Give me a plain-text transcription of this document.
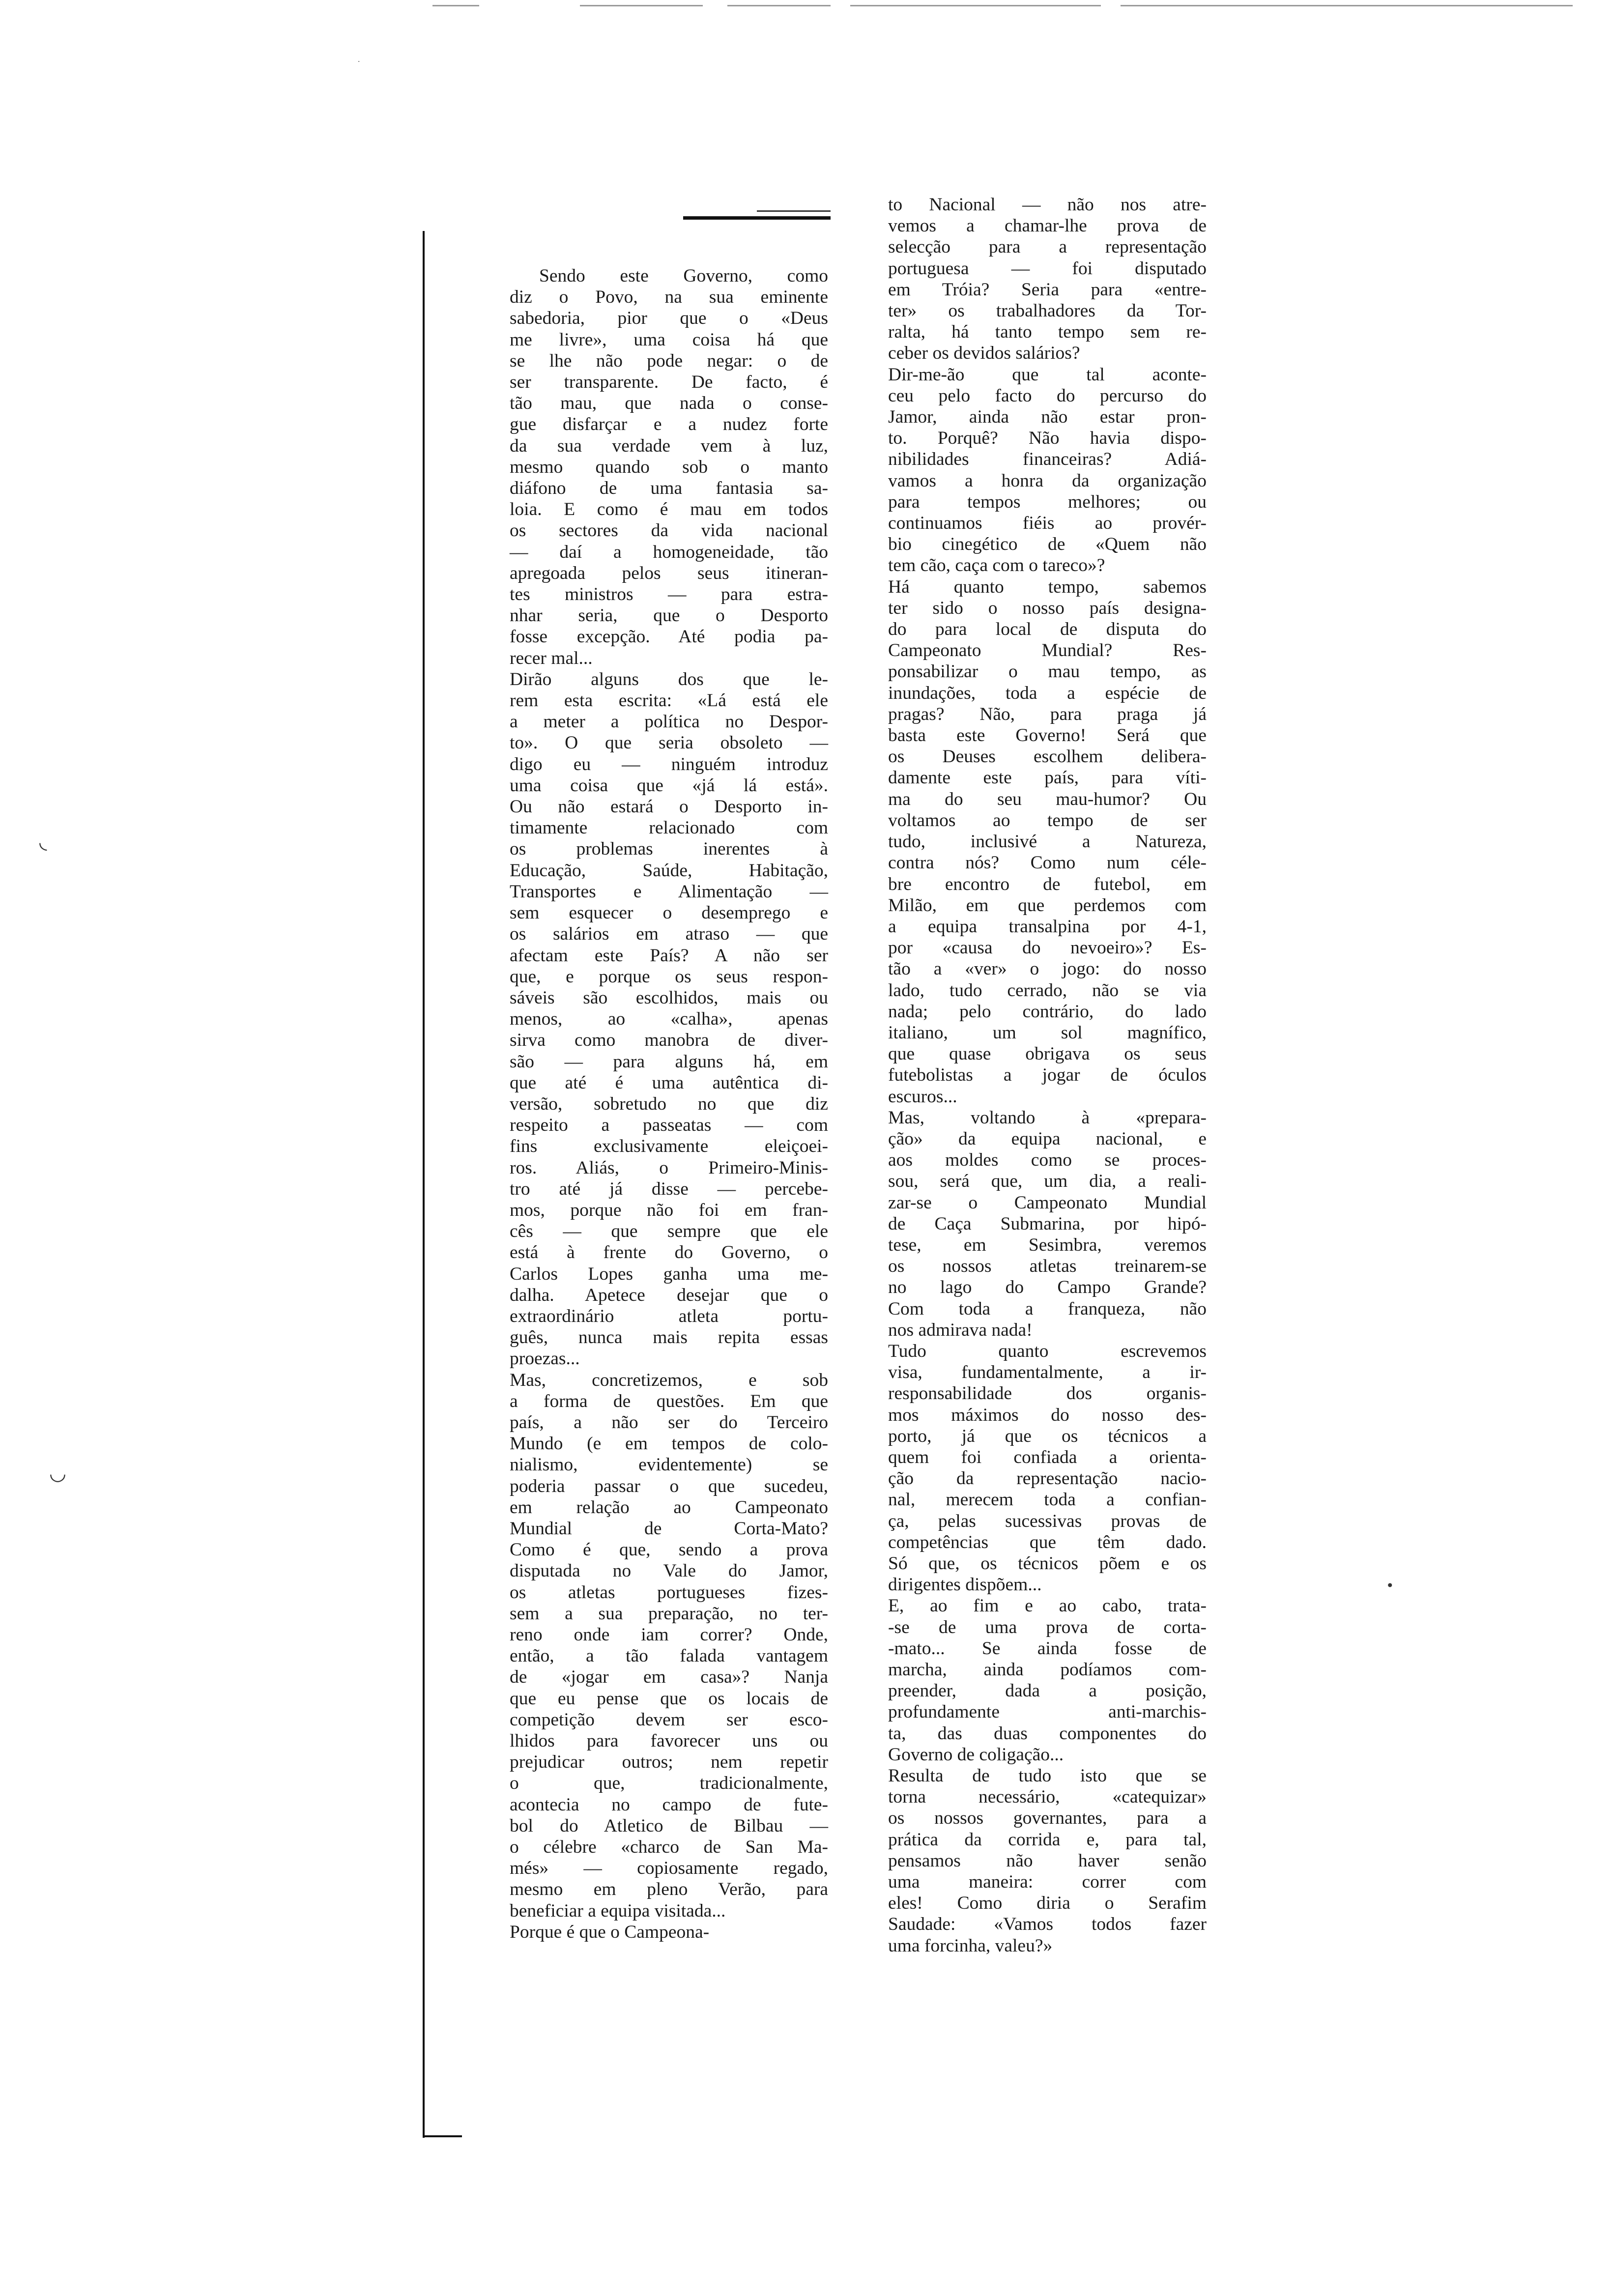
·
◟
◡
•

Sendo este Governo, como
diz o Povo, na sua eminente
sabedoria, pior que o «Deus
me livre», uma coisa há que
se lhe não pode negar: o de
ser transparente. De facto, é
tão mau, que nada o conse-
gue disfarçar e a nudez forte
da sua verdade vem à luz,
mesmo quando sob o manto
diáfono de uma fantasia sa-
loia. E como é mau em todos
os sectores da vida nacional
— daí a homogeneidade, tão
apregoada pelos seus itineran-
tes ministros — para estra-
nhar seria, que o Desporto
fosse excepção. Até podia pa-
recer mal...

Dirão alguns dos que le-
rem esta escrita: «Lá está ele
a meter a política no Despor-
to». O que seria obsoleto —
digo eu — ninguém introduz
uma coisa que «já lá está».
Ou não estará o Desporto in-
timamente relacionado com
os problemas inerentes à
Educação, Saúde, Habitação,
Transportes e Alimentação —
sem esquecer o desemprego e
os salários em atraso — que
afectam este País? A não ser
que, e porque os seus respon-
sáveis são escolhidos, mais ou
menos, ao «calha», apenas
sirva como manobra de diver-
são — para alguns há, em
que até é uma autêntica di-
versão, sobretudo no que diz
respeito a passeatas — com
fins exclusivamente eleiçoei-
ros. Aliás, o Primeiro-Minis-
tro até já disse — percebe-
mos, porque não foi em fran-
cês — que sempre que ele
está à frente do Governo, o
Carlos Lopes ganha uma me-
dalha. Apetece desejar que o
extraordinário atleta portu-
guês, nunca mais repita essas
proezas...

Mas, concretizemos, e sob
a forma de questões. Em que
país, a não ser do Terceiro
Mundo (e em tempos de colo-
nialismo, evidentemente) se
poderia passar o que sucedeu,
em relação ao Campeonato
Mundial de Corta-Mato?
Como é que, sendo a prova
disputada no Vale do Jamor,
os atletas portugueses fizes-
sem a sua preparação, no ter-
reno onde iam correr? Onde,
então, a tão falada vantagem
de «jogar em casa»? Nanja
que eu pense que os locais de
competição devem ser esco-
lhidos para favorecer uns ou
prejudicar outros; nem repetir
o que, tradicionalmente,
acontecia no campo de fute-
bol do Atletico de Bilbau —
o célebre «charco de San Ma-
més» — copiosamente regado,
mesmo em pleno Verão, para
beneficiar a equipa visitada...

Porque é que o Campeona-

to Nacional — não nos atre-
vemos a chamar-lhe prova de
selecção para a representação
portuguesa — foi disputado
em Tróia? Seria para «entre-
ter» os trabalhadores da Tor-
ralta, há tanto tempo sem re-
ceber os devidos salários?

Dir-me-ão que tal aconte-
ceu pelo facto do percurso do
Jamor, ainda não estar pron-
to. Porquê? Não havia dispo-
nibilidades financeiras? Adiá-
vamos a honra da organização
para tempos melhores; ou
continuamos fiéis ao provér-
bio cinegético de «Quem não
tem cão, caça com o tareco»?

Há quanto tempo, sabemos
ter sido o nosso país designa-
do para local de disputa do
Campeonato Mundial? Res-
ponsabilizar o mau tempo, as
inundações, toda a espécie de
pragas? Não, para praga já
basta este Governo! Será que
os Deuses escolhem delibera-
damente este país, para víti-
ma do seu mau-humor? Ou
voltamos ao tempo de ser
tudo, inclusivé a Natureza,
contra nós? Como num céle-
bre encontro de futebol, em
Milão, em que perdemos com
a equipa transalpina por 4-1,
por «causa do nevoeiro»? Es-
tão a «ver» o jogo: do nosso
lado, tudo cerrado, não se via
nada; pelo contrário, do lado
italiano, um sol magnífico,
que quase obrigava os seus
futebolistas a jogar de óculos
escuros...

Mas, voltando à «prepara-
ção» da equipa nacional, e
aos moldes como se proces-
sou, será que, um dia, a reali-
zar-se o Campeonato Mundial
de Caça Submarina, por hipó-
tese, em Sesimbra, veremos
os nossos atletas treinarem-se
no lago do Campo Grande?
Com toda a franqueza, não
nos admirava nada!

Tudo quanto escrevemos
visa, fundamentalmente, a ir-
responsabilidade dos organis-
mos máximos do nosso des-
porto, já que os técnicos a
quem foi confiada a orienta-
ção da representação nacio-
nal, merecem toda a confian-
ça, pelas sucessivas provas de
competências que têm dado.
Só que, os técnicos põem e os
dirigentes dispõem...

E, ao fim e ao cabo, trata-
-se de uma prova de corta-
-mato... Se ainda fosse de
marcha, ainda podíamos com-
preender, dada a posição,
profundamente anti-marchis-
ta, das duas componentes do
Governo de coligação...

Resulta de tudo isto que se
torna necessário, «catequizar»
os nossos governantes, para a
prática da corrida e, para tal,
pensamos não haver senão
uma maneira: correr com
eles! Como diria o Serafim
Saudade: «Vamos todos fazer
uma forcinha, valeu?»
